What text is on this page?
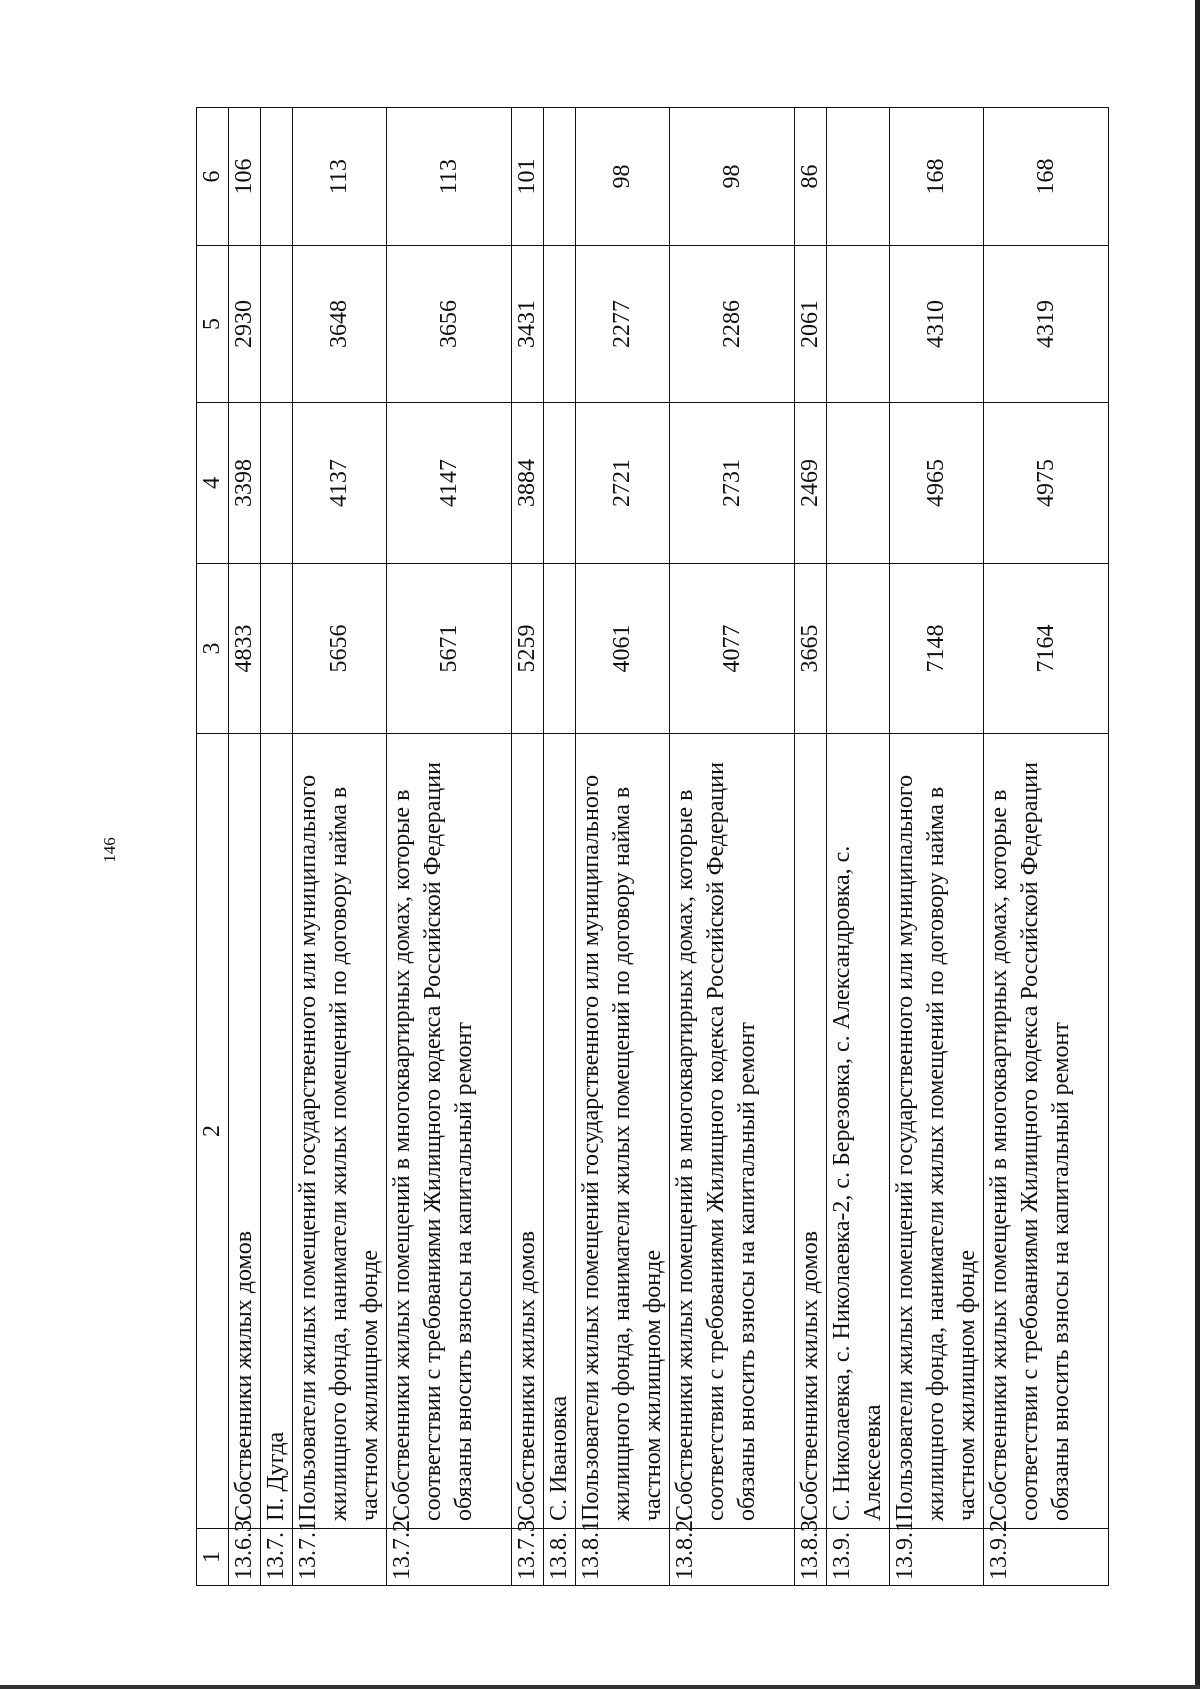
146
1	2	3	4	5	6
13.6.3.	Собственники жилых домов	4833	3398	2930	106
13.7.	П. Дугда				
13.7.1.	Пользователи жилых помещений государственного или муниципального жилищного фонда, наниматели жилых помещений по договору найма в частном жилищном фонде	5656	4137	3648	113
13.7.2.	Собственники жилых помещений в многоквартирных домах, которые в соответствии с требованиями Жилищного кодекса Российской Федерации обязаны вносить взносы на капитальный ремонт	5671	4147	3656	113
13.7.3.	Собственники жилых домов	5259	3884	3431	101
13.8.	С. Ивановка				
13.8.1.	Пользователи жилых помещений государственного или муниципального жилищного фонда, наниматели жилых помещений по договору найма в частном жилищном фонде	4061	2721	2277	98
13.8.2.	Собственники жилых помещений в многоквартирных домах, которые в соответствии с требованиями Жилищного кодекса Российской Федерации обязаны вносить взносы на капитальный ремонт	4077	2731	2286	98
13.8.3.	Собственники жилых домов	3665	2469	2061	86
13.9.	С. Николаевка, с. Николаевка-2, с. Березовка, с. Александровка, с. Алексеевка				
13.9.1.	Пользователи жилых помещений государственного или муниципального жилищного фонда, наниматели жилых помещений по договору найма в частном жилищном фонде	7148	4965	4310	168
13.9.2.	Собственники жилых помещений в многоквартирных домах, которые в соответствии с требованиями Жилищного кодекса Российской Федерации обязаны вносить взносы на капитальный ремонт	7164	4975	4319	168
